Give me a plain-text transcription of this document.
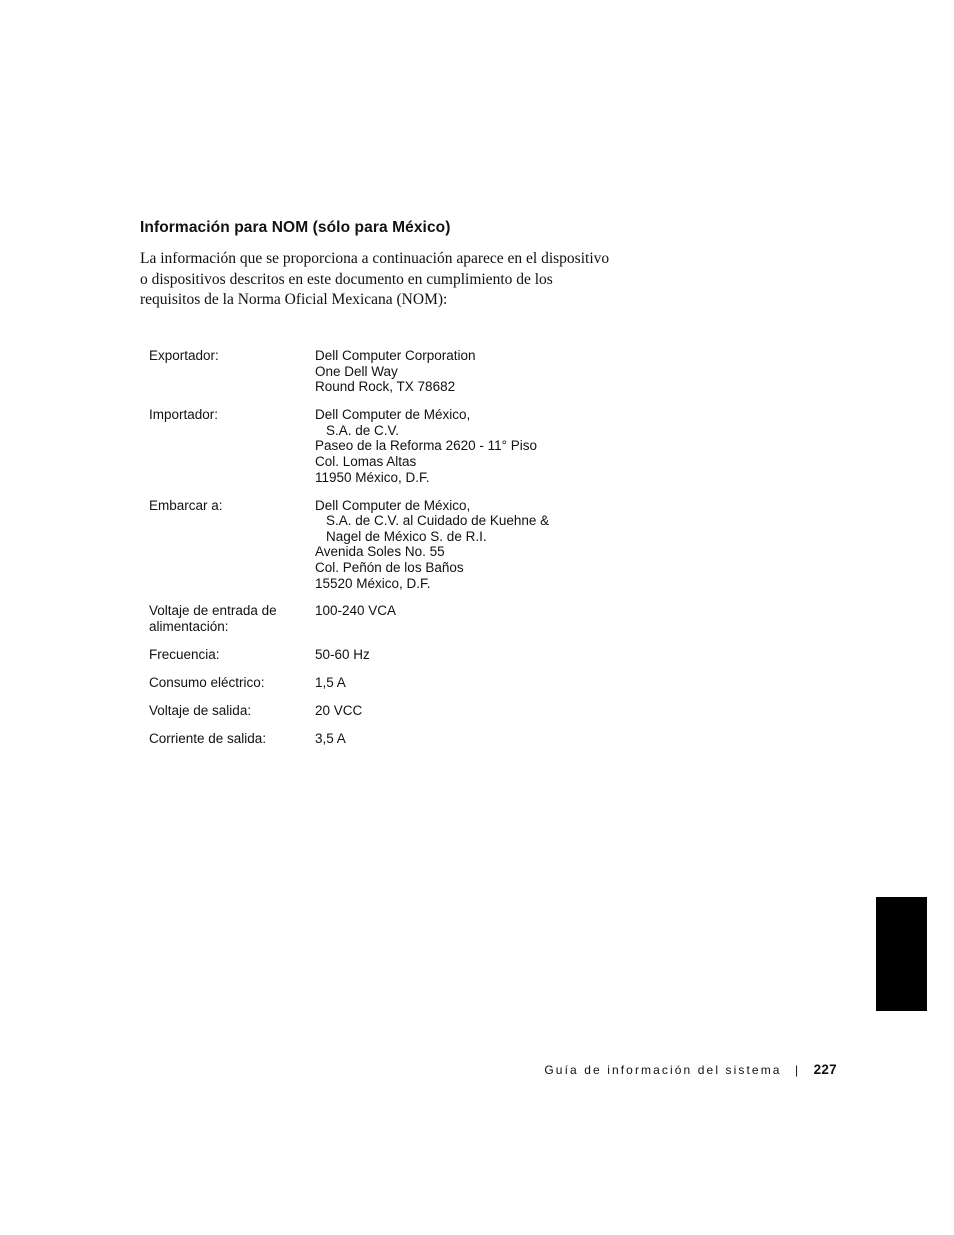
Información para NOM (sólo para México)

La información que se proporciona a continuación aparece en el dispositivo
o dispositivos descritos en este documento en cumplimiento de los
requisitos de la Norma Oficial Mexicana (NOM):

Exportador:	Dell Computer Corporation
One Dell Way
Round Rock, TX 78682
Importador:	Dell Computer de México,
S.A. de C.V.
Paseo de la Reforma 2620 - 11° Piso
Col. Lomas Altas
11950 México, D.F.
Embarcar a:	Dell Computer de México,
S.A. de C.V. al Cuidado de Kuehne &
Nagel de México S. de R.I.
Avenida Soles No. 55
Col. Peñón de los Baños
15520 México, D.F.
Voltaje de entrada de
alimentación:
100-240 VCA
Frecuencia:	50-60 Hz
Consumo eléctrico:	1,5 A
Voltaje de salida:	20 VCC
Corriente de salida:	3,5 A
Guía de información del sistema | 227
